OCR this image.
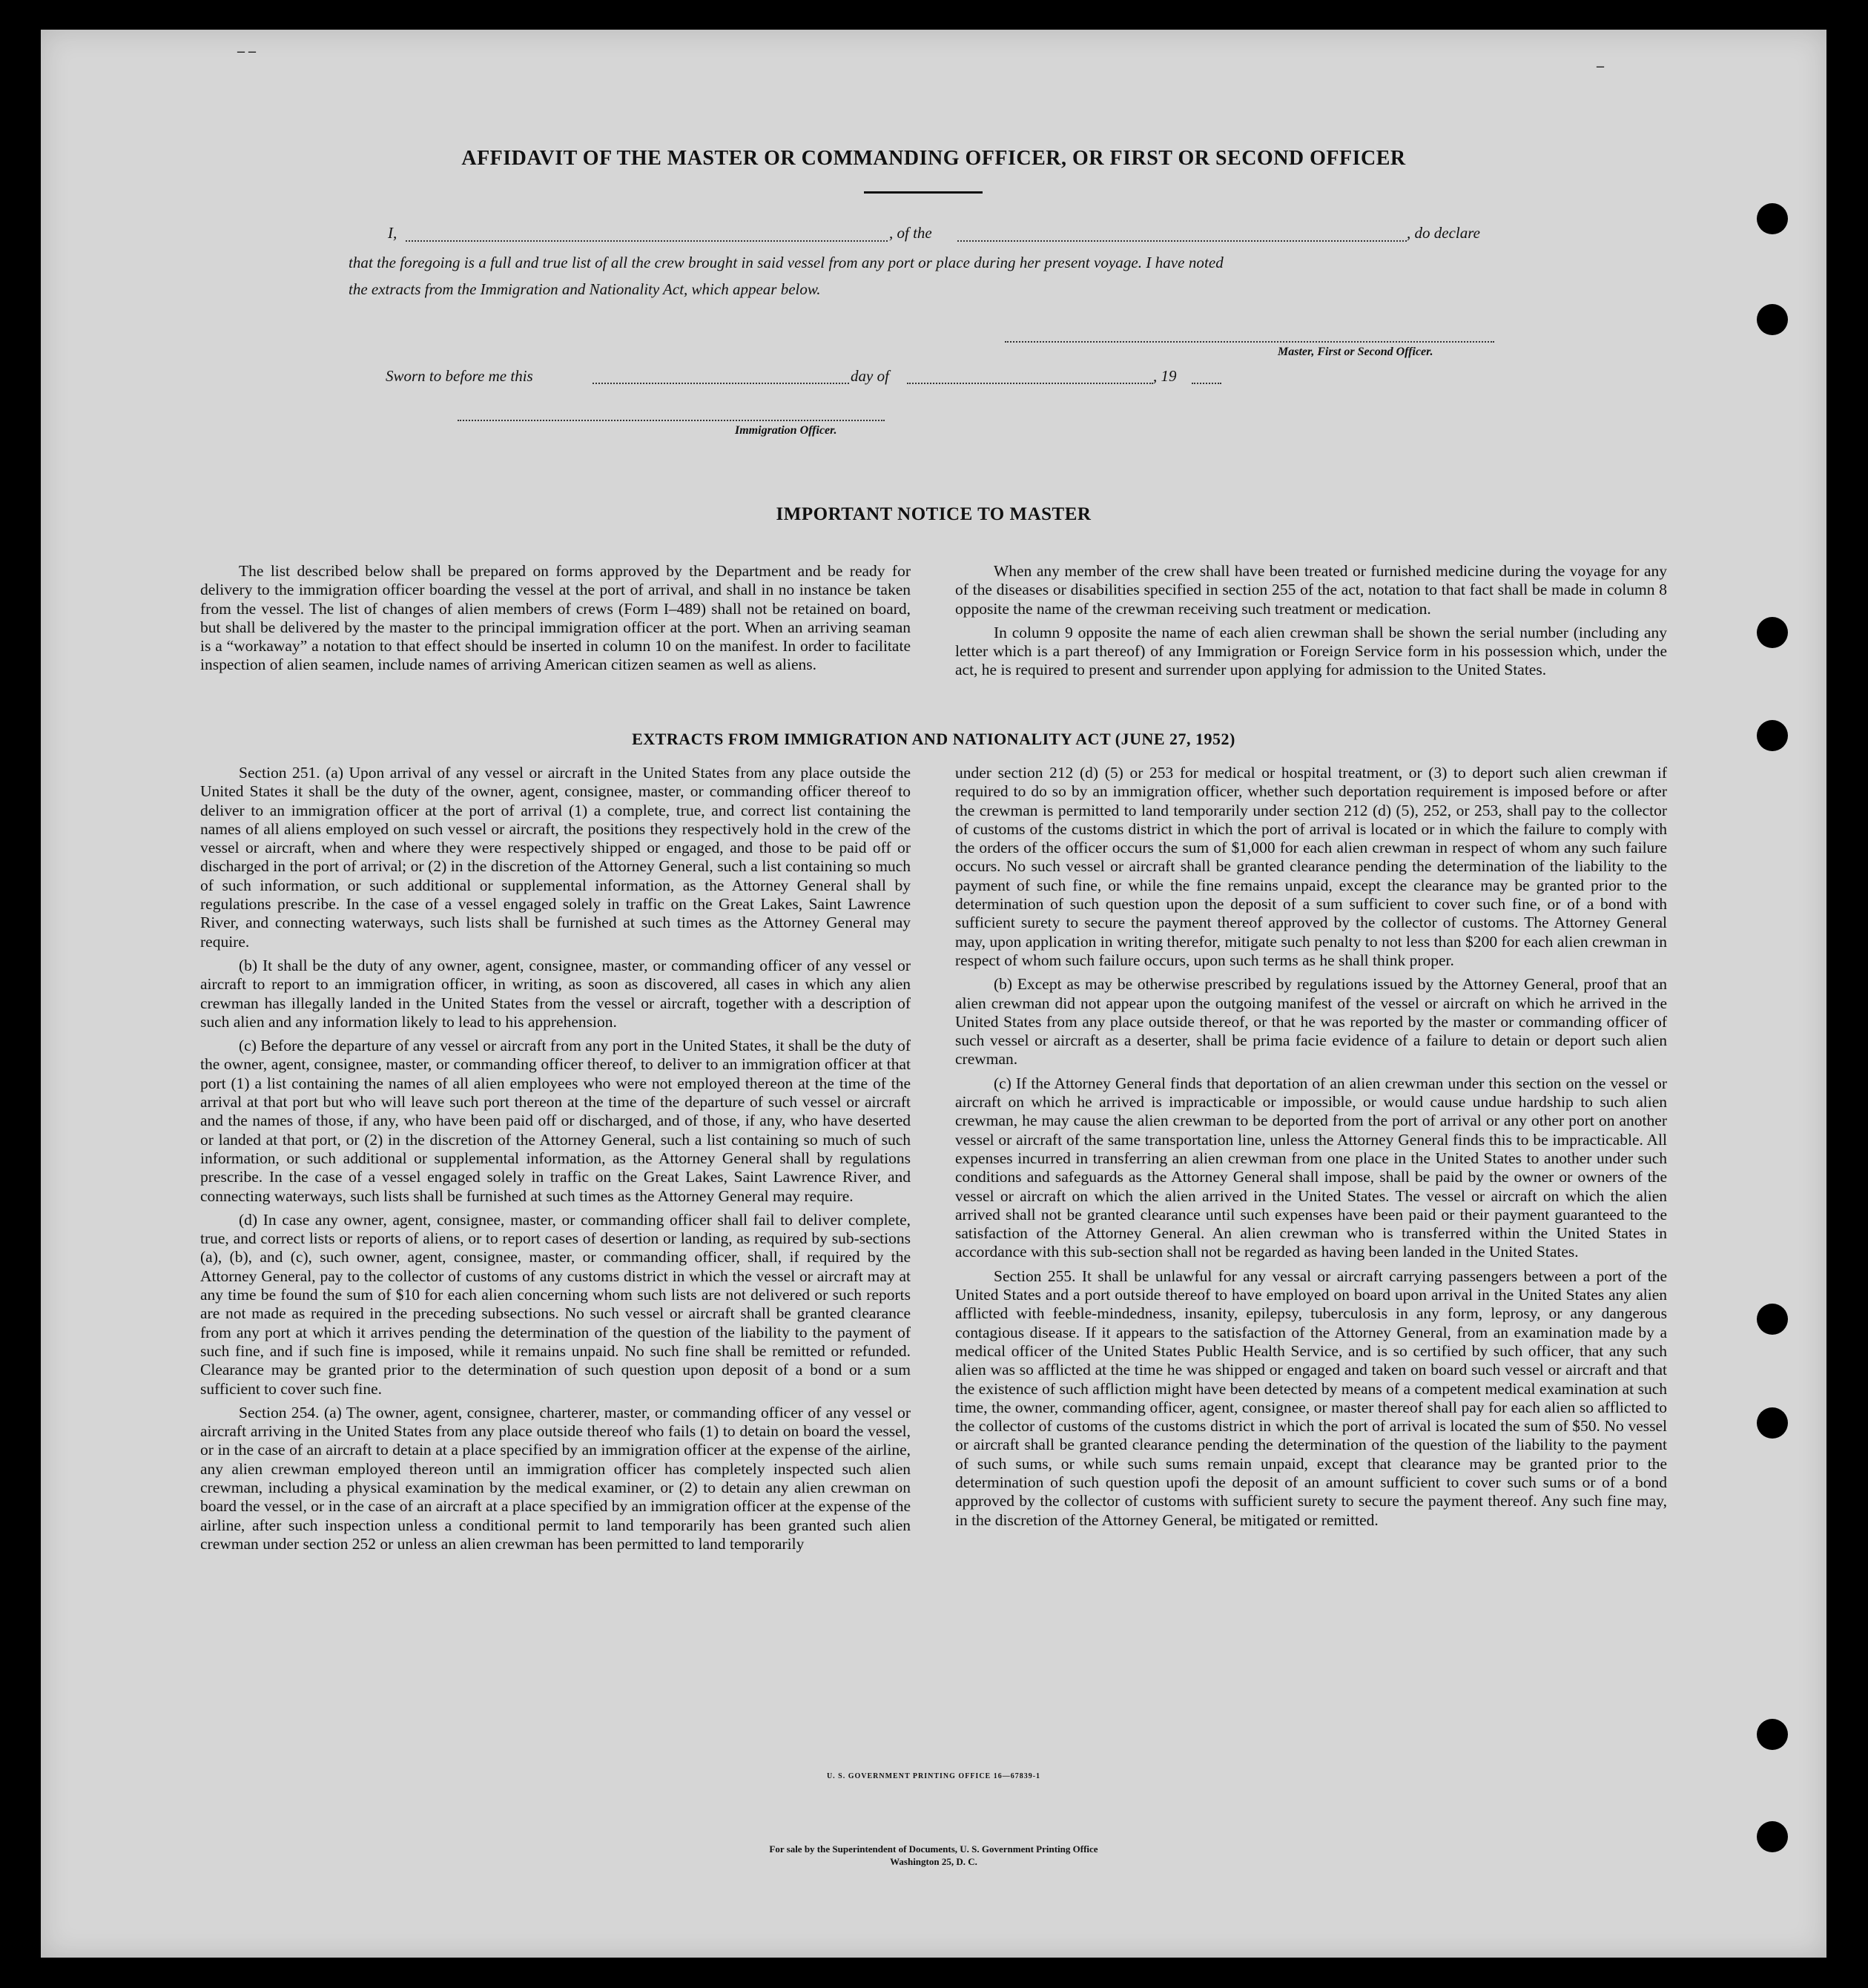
– –
–
AFFIDAVIT OF THE MASTER OR COMMANDING OFFICER, OR FIRST OR SECOND OFFICER
I,	, of the	, do declare
that the foregoing is a full and true list of all the crew brought in said vessel from any port or place during her present voyage. I have noted
the extracts from the Immigration and Nationality Act, which appear below.
Master, First or Second Officer.
Sworn to before me this	day of	, 19
Immigration Officer.
IMPORTANT NOTICE TO MASTER

The list described below shall be prepared on forms approved by the Department and be ready for delivery to the immigration officer boarding the vessel at the port of arrival, and shall in no instance be taken from the vessel. The list of changes of alien members of crews (Form I–489) shall not be retained on board, but shall be delivered by the master to the principal immigration officer at the port. When an arriving seaman is a “workaway” a notation to that effect should be inserted in column 10 on the manifest. In order to facilitate inspection of alien seamen, include names of arriving American citizen seamen as well as aliens.

When any member of the crew shall have been treated or furnished medicine during the voyage for any of the diseases or disabilities specified in section 255 of the act, notation to that fact shall be made in column 8 opposite the name of the crewman receiving such treatment or medication.

In column 9 opposite the name of each alien crewman shall be shown the serial number (including any letter which is a part thereof) of any Immigration or Foreign Service form in his possession which, under the act, he is required to present and surrender upon applying for admission to the United States.

EXTRACTS FROM IMMIGRATION AND NATIONALITY ACT (JUNE 27, 1952)

Section 251. (a) Upon arrival of any vessel or aircraft in the United States from any place outside the United States it shall be the duty of the owner, agent, consignee, master, or commanding officer thereof to deliver to an immigration officer at the port of arrival (1) a complete, true, and correct list containing the names of all aliens employed on such vessel or aircraft, the positions they respectively hold in the crew of the vessel or aircraft, when and where they were respectively shipped or engaged, and those to be paid off or discharged in the port of arrival; or (2) in the discretion of the Attorney General, such a list containing so much of such information, or such additional or supplemental information, as the Attorney General shall by regulations prescribe. In the case of a vessel engaged solely in traffic on the Great Lakes, Saint Lawrence River, and connecting waterways, such lists shall be furnished at such times as the Attorney General may require.

(b) It shall be the duty of any owner, agent, consignee, master, or commanding officer of any vessel or aircraft to report to an immigration officer, in writing, as soon as discovered, all cases in which any alien crewman has illegally landed in the United States from the vessel or aircraft, together with a description of such alien and any information likely to lead to his apprehension.

(c) Before the departure of any vessel or aircraft from any port in the United States, it shall be the duty of the owner, agent, consignee, master, or commanding officer thereof, to deliver to an immigration officer at that port (1) a list containing the names of all alien employees who were not employed thereon at the time of the arrival at that port but who will leave such port thereon at the time of the departure of such vessel or aircraft and the names of those, if any, who have been paid off or discharged, and of those, if any, who have deserted or landed at that port, or (2) in the discretion of the Attorney General, such a list containing so much of such information, or such additional or supplemental information, as the Attorney General shall by regulations prescribe. In the case of a vessel engaged solely in traffic on the Great Lakes, Saint Lawrence River, and connecting waterways, such lists shall be furnished at such times as the Attorney General may require.

(d) In case any owner, agent, consignee, master, or commanding officer shall fail to deliver complete, true, and correct lists or reports of aliens, or to report cases of desertion or landing, as required by sub-sections (a), (b), and (c), such owner, agent, consignee, master, or commanding officer, shall, if required by the Attorney General, pay to the collector of customs of any customs district in which the vessel or aircraft may at any time be found the sum of $10 for each alien concerning whom such lists are not delivered or such reports are not made as required in the preceding subsections. No such vessel or aircraft shall be granted clearance from any port at which it arrives pending the determination of the question of the liability to the payment of such fine, and if such fine is imposed, while it remains unpaid. No such fine shall be remitted or refunded. Clearance may be granted prior to the determination of such question upon deposit of a bond or a sum sufficient to cover such fine.

Section 254. (a) The owner, agent, consignee, charterer, master, or commanding officer of any vessel or aircraft arriving in the United States from any place outside thereof who fails (1) to detain on board the vessel, or in the case of an aircraft to detain at a place specified by an immigration officer at the expense of the airline, any alien crewman employed thereon until an immigration officer has completely inspected such alien crewman, including a physical examination by the medical examiner, or (2) to detain any alien crewman on board the vessel, or in the case of an aircraft at a place specified by an immigration officer at the expense of the airline, after such inspection unless a conditional permit to land temporarily has been granted such alien crewman under section 252 or unless an alien crewman has been permitted to land temporarily

under section 212 (d) (5) or 253 for medical or hospital treatment, or (3) to deport such alien crewman if required to do so by an immigration officer, whether such deportation requirement is imposed before or after the crewman is permitted to land temporarily under section 212 (d) (5), 252, or 253, shall pay to the collector of customs of the customs district in which the port of arrival is located or in which the failure to comply with the orders of the officer occurs the sum of $1,000 for each alien crewman in respect of whom any such failure occurs. No such vessel or aircraft shall be granted clearance pending the determination of the liability to the payment of such fine, or while the fine remains unpaid, except the clearance may be granted prior to the determination of such question upon the deposit of a sum sufficient to cover such fine, or of a bond with sufficient surety to secure the payment thereof approved by the collector of customs. The Attorney General may, upon application in writing therefor, mitigate such penalty to not less than $200 for each alien crewman in respect of whom such failure occurs, upon such terms as he shall think proper.

(b) Except as may be otherwise prescribed by regulations issued by the Attorney General, proof that an alien crewman did not appear upon the outgoing manifest of the vessel or aircraft on which he arrived in the United States from any place outside thereof, or that he was reported by the master or commanding officer of such vessel or aircraft as a deserter, shall be prima facie evidence of a failure to detain or deport such alien crewman.

(c) If the Attorney General finds that deportation of an alien crewman under this section on the vessel or aircraft on which he arrived is impracticable or impossible, or would cause undue hardship to such alien crewman, he may cause the alien crewman to be deported from the port of arrival or any other port on another vessel or aircraft of the same transportation line, unless the Attorney General finds this to be impracticable. All expenses incurred in transferring an alien crewman from one place in the United States to another under such conditions and safeguards as the Attorney General shall impose, shall be paid by the owner or owners of the vessel or aircraft on which the alien arrived in the United States. The vessel or aircraft on which the alien arrived shall not be granted clearance until such expenses have been paid or their payment guaranteed to the satisfaction of the Attorney General. An alien crewman who is transferred within the United States in accordance with this sub-section shall not be regarded as having been landed in the United States.

Section 255. It shall be unlawful for any vessal or aircraft carrying passengers between a port of the United States and a port outside thereof to have employed on board upon arrival in the United States any alien afflicted with feeble-mindedness, insanity, epilepsy, tuberculosis in any form, leprosy, or any dangerous contagious disease. If it appears to the satisfaction of the Attorney General, from an examination made by a medical officer of the United States Public Health Service, and is so certified by such officer, that any such alien was so afflicted at the time he was shipped or engaged and taken on board such vessel or aircraft and that the existence of such affliction might have been detected by means of a competent medical examination at such time, the owner, commanding officer, agent, consignee, or master thereof shall pay for each alien so afflicted to the collector of customs of the customs district in which the port of arrival is located the sum of $50. No vessel or aircraft shall be granted clearance pending the determination of the question of the liability to the payment of such sums, or while such sums remain unpaid, except that clearance may be granted prior to the determination of such question upofi the deposit of an amount sufficient to cover such sums or of a bond approved by the collector of customs with sufficient surety to secure the payment thereof. Any such fine may, in the discretion of the Attorney General, be mitigated or remitted.

U. S. GOVERNMENT PRINTING OFFICE 16—67839-1
For sale by the Superintendent of Documents, U. S. Government Printing Office
Washington 25, D. C.
